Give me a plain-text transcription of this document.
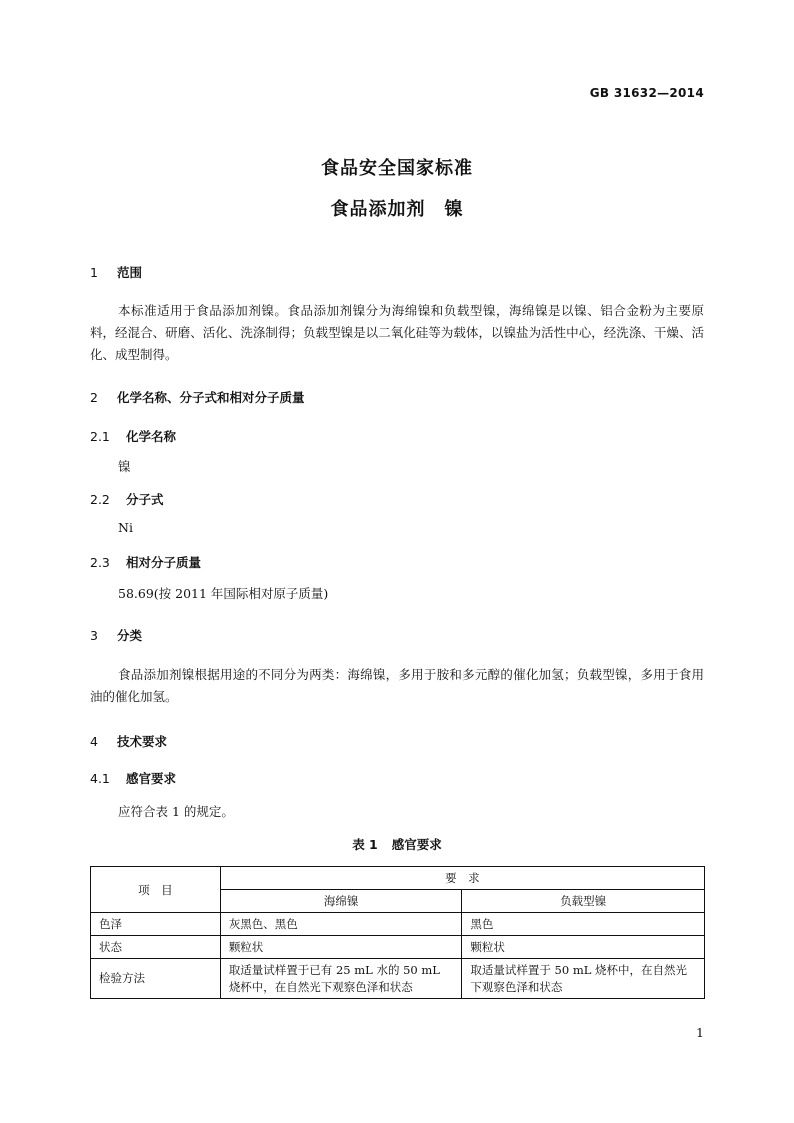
GB 31632—2014
食品安全国家标准
食品添加剂　镍
1 范围

本标准适用于食品添加剂镍。食品添加剂镍分为海绵镍和负载型镍，海绵镍是以镍、铝合金粉为主要原料，经混合、研磨、活化、洗涤制得；负载型镍是以二氧化硅等为载体，以镍盐为活性中心，经洗涤、干燥、活化、成型制得。

2 化学名称、分子式和相对分子质量
2.1 化学名称
镍
2.2 分子式
Ni
2.3 相对分子质量
58.69(按 2011 年国际相对原子质量)
3 分类

食品添加剂镍根据用途的不同分为两类：海绵镍，多用于胺和多元醇的催化加氢；负载型镍，多用于食用油的催化加氢。

4 技术要求
4.1 感官要求
应符合表 1 的规定。
表 1 感官要求
项　目	要　求	
	海绵镍	负载型镍
色泽	灰黑色、黑色	黑色
状态	颗粒状	颗粒状
检验方法	取适量试样置于已有 25 mL 水的 50 mL 烧杯中，在自然光下观察色泽和状态	取适量试样置于 50 mL 烧杯中，在自然光下观察色泽和状态
1
